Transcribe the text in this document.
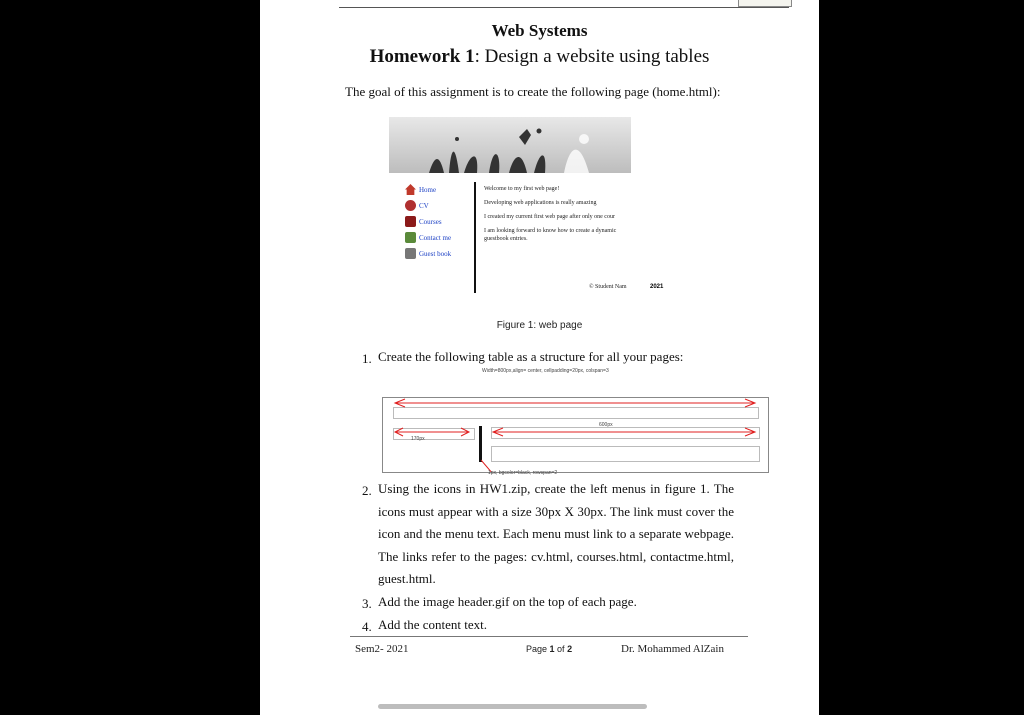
Web Systems
Homework 1: Design a website using tables
The goal of this assignment is to create the following page (home.html):
Home
CV
Courses
Contact me
Guest book

Welcome to my first web page!

Developing web applications is really amazing

I created my current first web page after only one cour

I am looking forward to know how to create a dynamic guestbook entries.

© Student Nam	2021
Figure 1: web page
1. Create the following table as a structure for all your pages:
Width=800px,align= center, cellpadding=20px, colspan=3
600px
170px
1px, bgcolor=black, rowspan=2
2. Using the icons in HW1.zip, create the left menus in figure 1. The icons must appear with a size 30px X 30px. The link must cover the icon and the menu text. Each menu must link to a separate webpage. The links refer to the pages: cv.html, courses.html, contactme.html, guest.html.
3. Add the image header.gif on the top of each page.
4. Add the content text.
Sem2- 2021	Page 1 of 2	Dr. Mohammed AlZain
